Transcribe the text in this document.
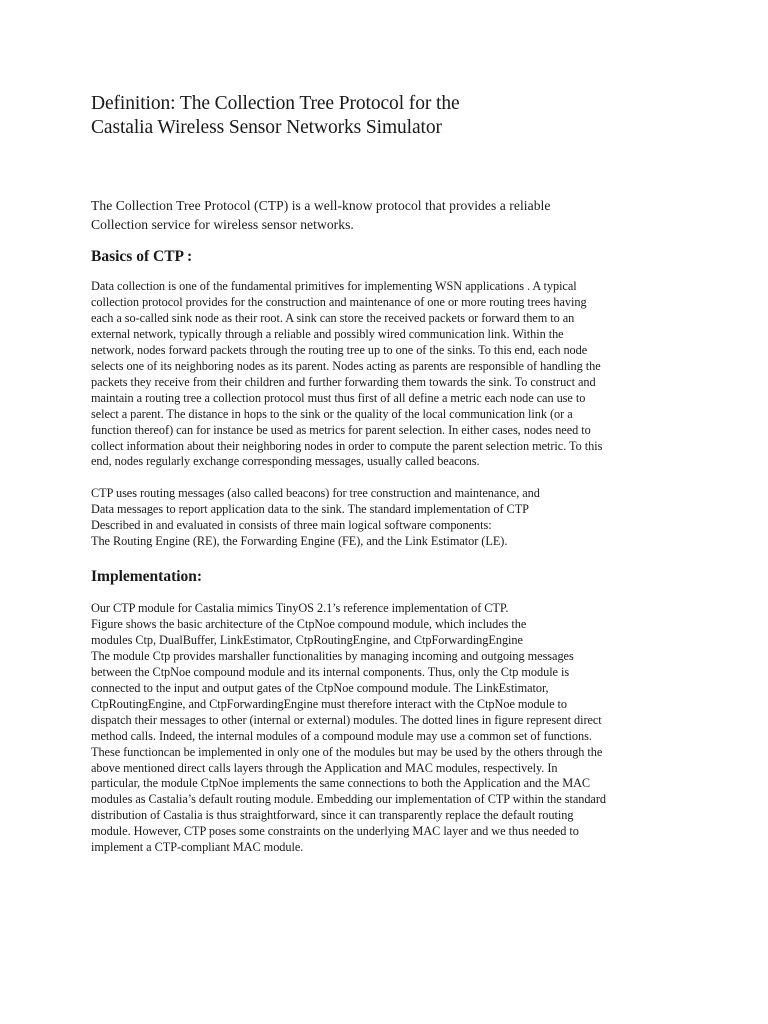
Definition: The Collection Tree Protocol for the
Castalia Wireless Sensor Networks Simulator
The Collection Tree Protocol (CTP) is a well-know protocol that provides a reliable
Collection service for wireless sensor networks.
Basics of CTP :
Data collection is one of the fundamental primitives for implementing WSN applications . A typical
collection protocol provides for the construction and maintenance of one or more routing trees having
each a so-called sink node as their root. A sink can store the received packets or forward them to an
external network, typically through a reliable and possibly wired communication link. Within the
network, nodes forward packets through the routing tree up to one of the sinks. To this end, each node
selects one of its neighboring nodes as its parent. Nodes acting as parents are responsible of handling the
packets they receive from their children and further forwarding them towards the sink. To construct and
maintain a routing tree a collection protocol must thus first of all define a metric each node can use to
select a parent. The distance in hops to the sink or the quality of the local communication link (or a
function thereof) can for instance be used as metrics for parent selection. In either cases, nodes need to
collect information about their neighboring nodes in order to compute the parent selection metric. To this
end, nodes regularly exchange corresponding messages, usually called beacons.
CTP uses routing messages (also called beacons) for tree construction and maintenance, and
Data messages to report application data to the sink. The standard implementation of CTP
Described in and evaluated in consists of three main logical software components:
The Routing Engine (RE), the Forwarding Engine (FE), and the Link Estimator (LE).
Implementation:
Our CTP module for Castalia mimics TinyOS 2.1’s reference implementation of CTP.
Figure shows the basic architecture of the CtpNoe compound module, which includes the
modules Ctp, DualBuffer, LinkEstimator, CtpRoutingEngine, and CtpForwardingEngine
The module Ctp provides marshaller functionalities by managing incoming and outgoing messages
between the CtpNoe compound module and its internal components. Thus, only the Ctp module is
connected to the input and output gates of the CtpNoe compound module. The LinkEstimator,
CtpRoutingEngine, and CtpForwardingEngine must therefore interact with the CtpNoe module to
dispatch their messages to other (internal or external) modules. The dotted lines in figure represent direct
method calls. Indeed, the internal modules of a compound module may use a common set of functions.
These functioncan be implemented in only one of the modules but may be used by the others through the
above mentioned direct calls layers through the Application and MAC modules, respectively. In
particular, the module CtpNoe implements the same connections to both the Application and the MAC
modules as Castalia’s default routing module. Embedding our implementation of CTP within the standard
distribution of Castalia is thus straightforward, since it can transparently replace the default routing
module. However, CTP poses some constraints on the underlying MAC layer and we thus needed to
implement a CTP-compliant MAC module.
